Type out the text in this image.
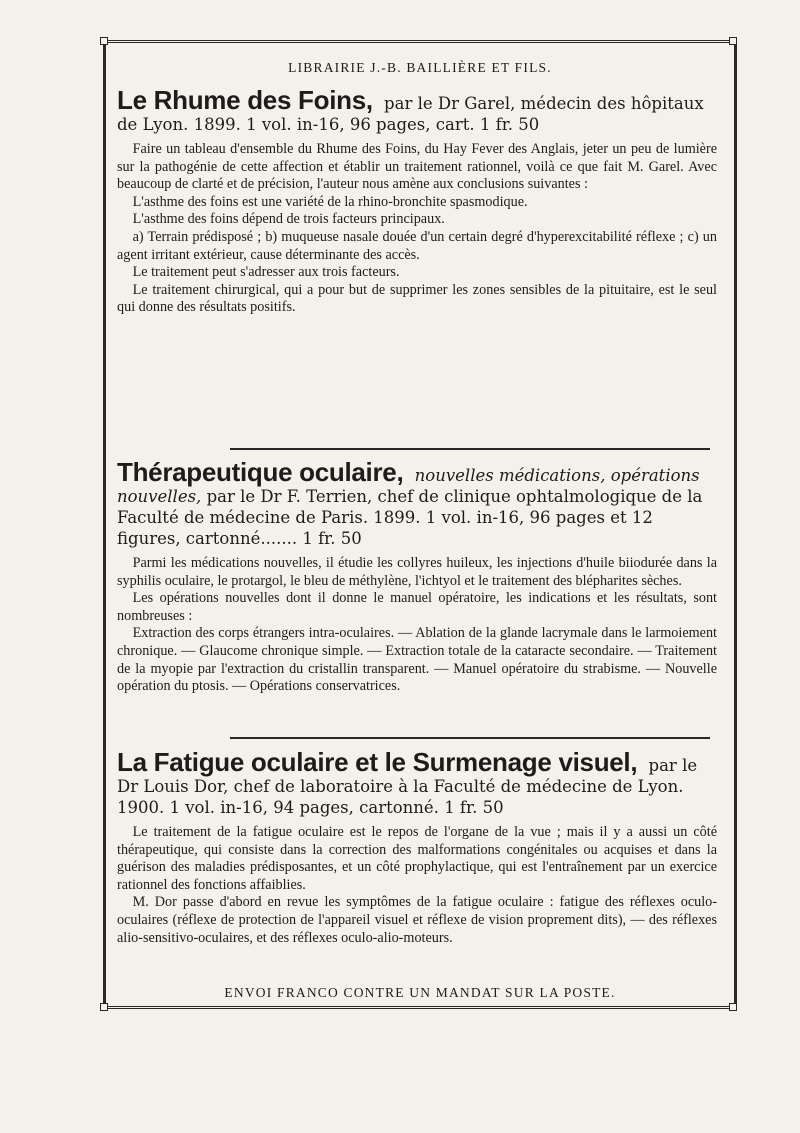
LIBRAIRIE J.-B. BAILLIÈRE ET FILS.
Le Rhume des Foins, par le Dr Garel, médecin des hôpitaux de Lyon. 1899. 1 vol. in-16, 96 pages, cart. 1 fr. 50

Faire un tableau d'ensemble du Rhume des Foins, du Hay Fever des Anglais, jeter un peu de lumière sur la pathogénie de cette affection et établir un traitement rationnel, voilà ce que fait M. Garel. Avec beaucoup de clarté et de précision, l'auteur nous amène aux conclusions suivantes :

L'asthme des foins est une variété de la rhino-bronchite spasmodique.

L'asthme des foins dépend de trois facteurs principaux.

a) Terrain prédisposé ; b) muqueuse nasale douée d'un certain degré d'hyperexcitabilité réflexe ; c) un agent irritant extérieur, cause déterminante des accès.

Le traitement peut s'adresser aux trois facteurs.

Le traitement chirurgical, qui a pour but de supprimer les zones sensibles de la pituitaire, est le seul qui donne des résultats positifs.

Thérapeutique oculaire, nouvelles médications, opérations nouvelles, par le Dr F. Terrien, chef de clinique ophtalmologique de la Faculté de médecine de Paris. 1899. 1 vol. in-16, 96 pages et 12 figures, cartonné....... 1 fr. 50

Parmi les médications nouvelles, il étudie les collyres huileux, les injections d'huile biiodurée dans la syphilis oculaire, le protargol, le bleu de méthylène, l'ichtyol et le traitement des blépharites sèches.

Les opérations nouvelles dont il donne le manuel opératoire, les indications et les résultats, sont nombreuses :

Extraction des corps étrangers intra-oculaires. — Ablation de la glande lacrymale dans le larmoiement chronique. — Glaucome chronique simple. — Extraction totale de la cataracte secondaire. — Traitement de la myopie par l'extraction du cristallin transparent. — Manuel opératoire du strabisme. — Nouvelle opération du ptosis. — Opérations conservatrices.

La Fatigue oculaire et le Surmenage visuel, par le Dr Louis Dor, chef de laboratoire à la Faculté de médecine de Lyon. 1900. 1 vol. in-16, 94 pages, cartonné. 1 fr. 50

Le traitement de la fatigue oculaire est le repos de l'organe de la vue ; mais il y a aussi un côté thérapeutique, qui consiste dans la correction des malformations congénitales ou acquises et dans la guérison des maladies prédisposantes, et un côté prophylactique, qui est l'entraînement par un exercice rationnel des fonctions affaiblies.

M. Dor passe d'abord en revue les symptômes de la fatigue oculaire : fatigue des réflexes oculo-oculaires (réflexe de protection de l'appareil visuel et réflexe de vision proprement dits), — des réflexes alio-sensitivo-oculaires, et des réflexes oculo-alio-moteurs.

ENVOI FRANCO CONTRE UN MANDAT SUR LA POSTE.
